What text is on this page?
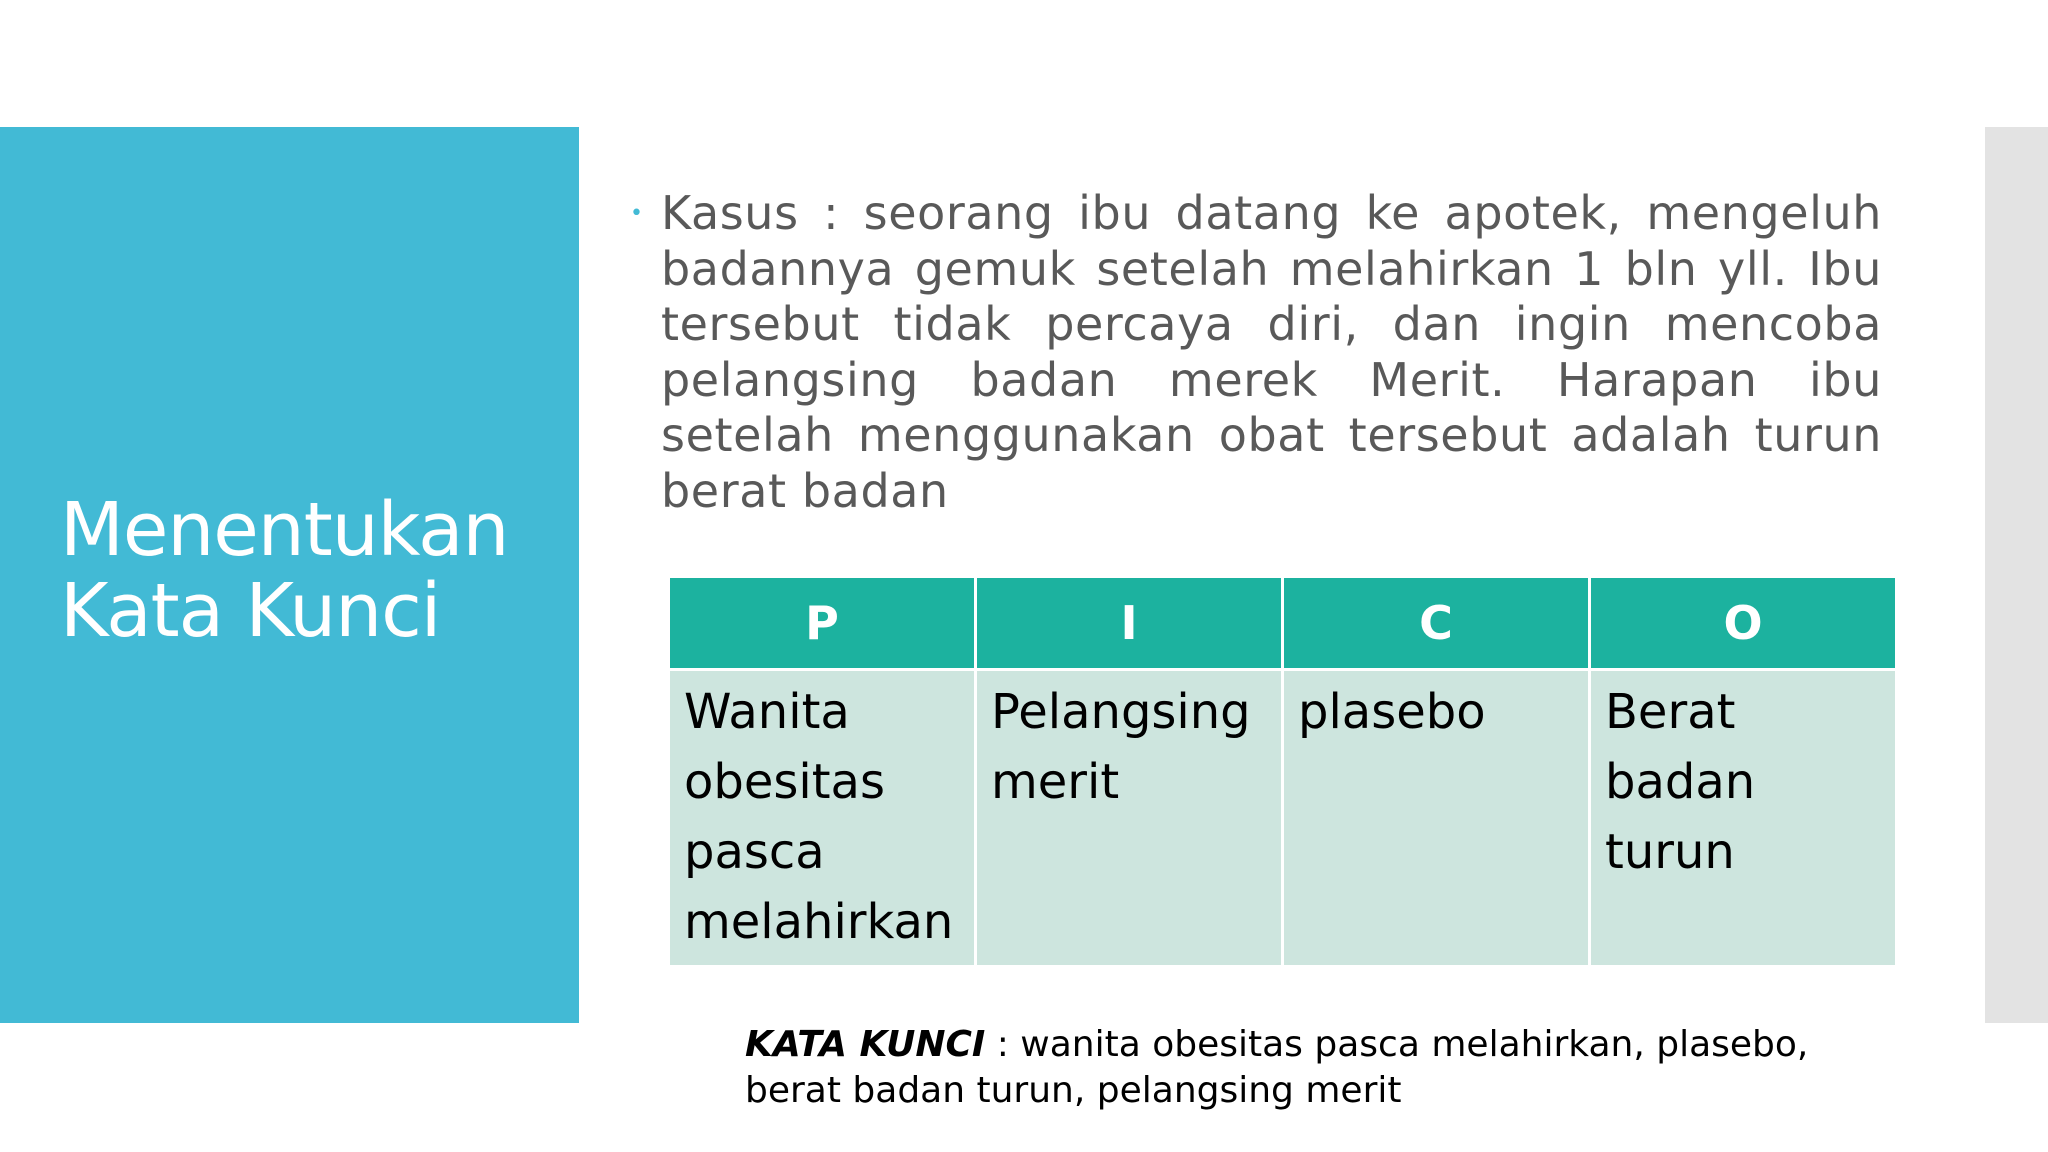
Menentukan Kata Kunci
• Kasus : seorang ibu datang ke apotek, mengeluh badannya gemuk setelah melahirkan 1 bln yll. Ibu tersebut tidak percaya diri, dan ingin mencoba pelangsing badan merek Merit. Harapan ibu setelah menggunakan obat tersebut adalah turun berat badan

P	I	C	O
Wanita obesitas pasca melahirkan	Pelangsing merit	plasebo	Berat badan turun

KATA KUNCI : wanita obesitas pasca melahirkan, plasebo, berat badan turun, pelangsing merit
